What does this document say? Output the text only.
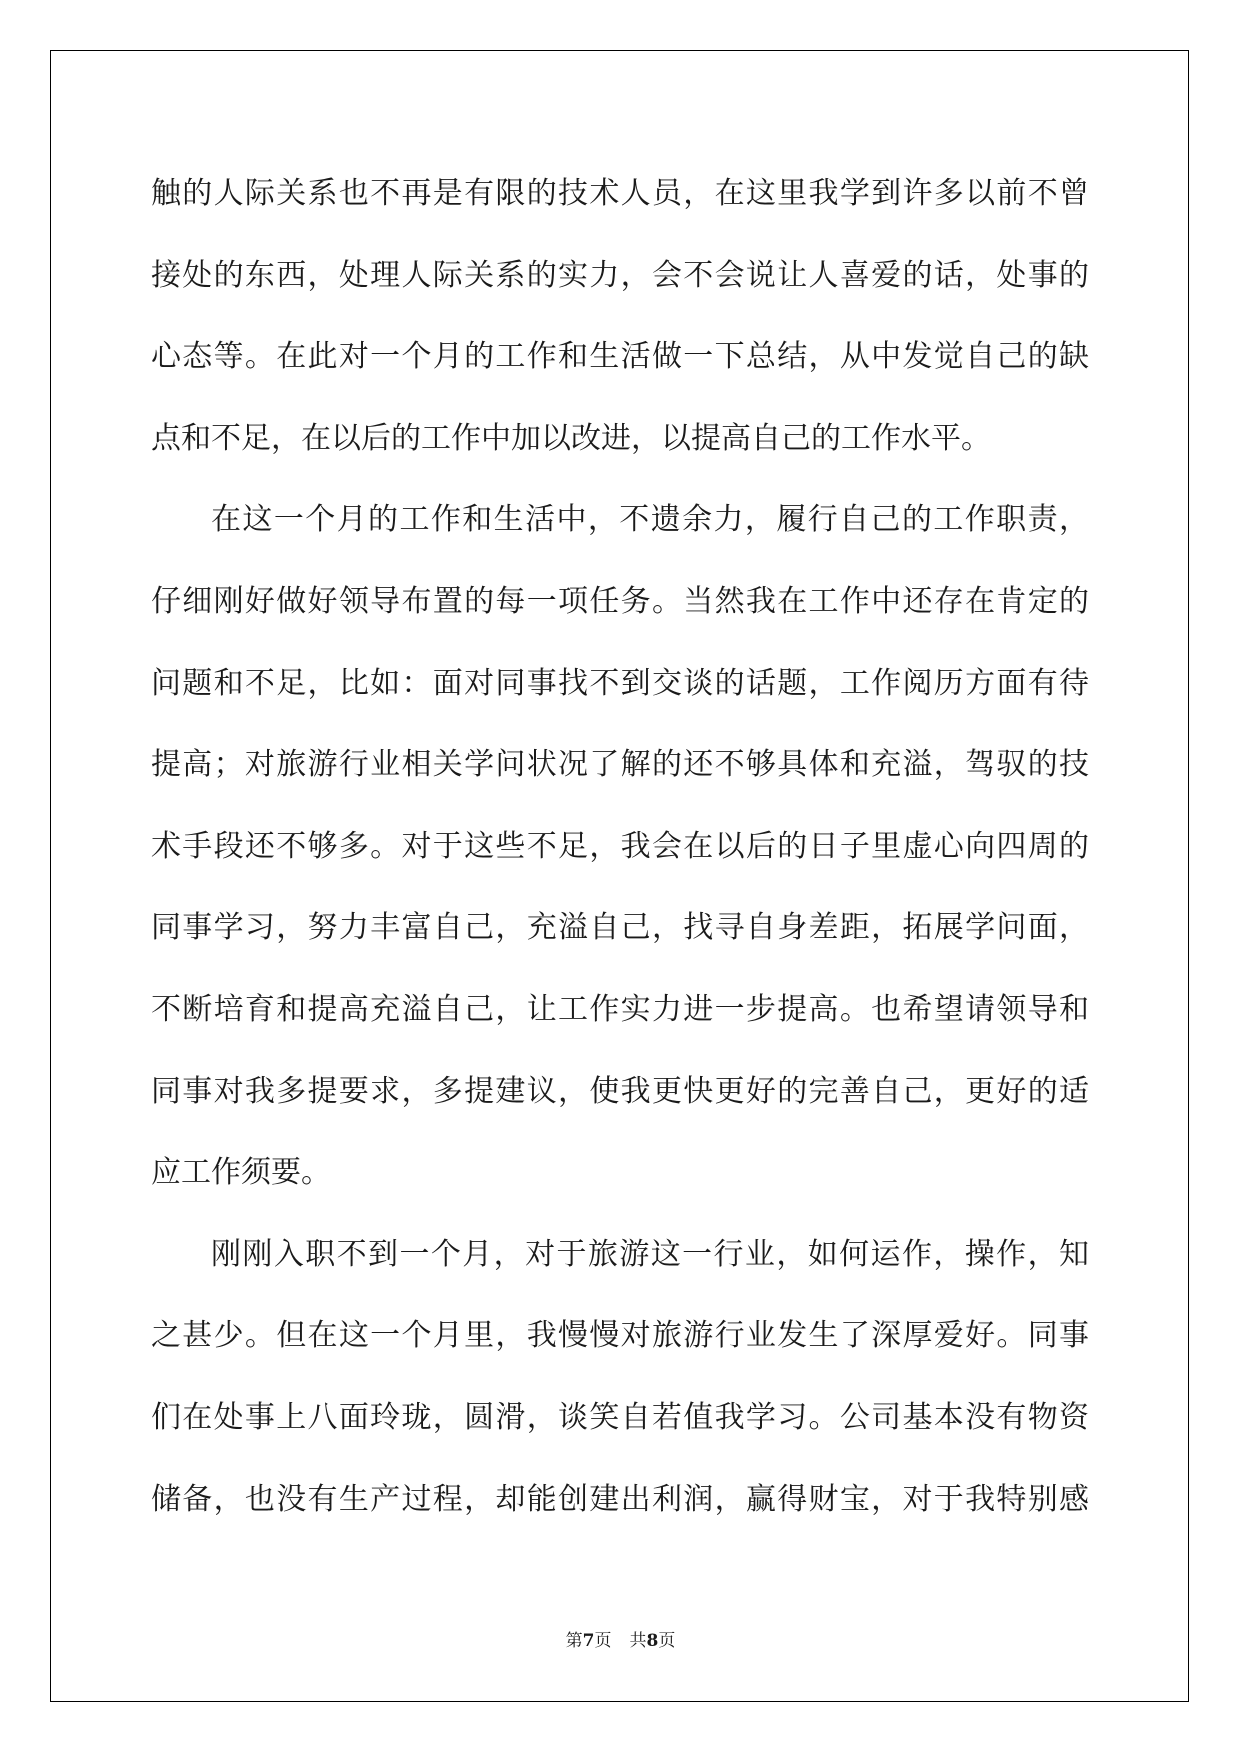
触的人际关系也不再是有限的技术人员，在这里我学到许多以前不曾
接处的东西，处理人际关系的实力，会不会说让人喜爱的话，处事的
心态等。在此对一个月的工作和生活做一下总结，从中发觉自己的缺
点和不足，在以后的工作中加以改进，以提高自己的工作水平。
在这一个月的工作和生活中，不遗余力，履行自己的工作职责，
仔细刚好做好领导布置的每一项任务。当然我在工作中还存在肯定的
问题和不足，比如：面对同事找不到交谈的话题，工作阅历方面有待
提高；对旅游行业相关学问状况了解的还不够具体和充溢，驾驭的技
术手段还不够多。对于这些不足，我会在以后的日子里虚心向四周的
同事学习，努力丰富自己，充溢自己，找寻自身差距，拓展学问面，
不断培育和提高充溢自己，让工作实力进一步提高。也希望请领导和
同事对我多提要求，多提建议，使我更快更好的完善自己，更好的适
应工作须要。
刚刚入职不到一个月，对于旅游这一行业，如何运作，操作，知
之甚少。但在这一个月里，我慢慢对旅游行业发生了深厚爱好。同事
们在处事上八面玲珑，圆滑，谈笑自若值我学习。公司基本没有物资
储备，也没有生产过程，却能创建出利润，赢得财宝，对于我特别感
第7页 共8页
